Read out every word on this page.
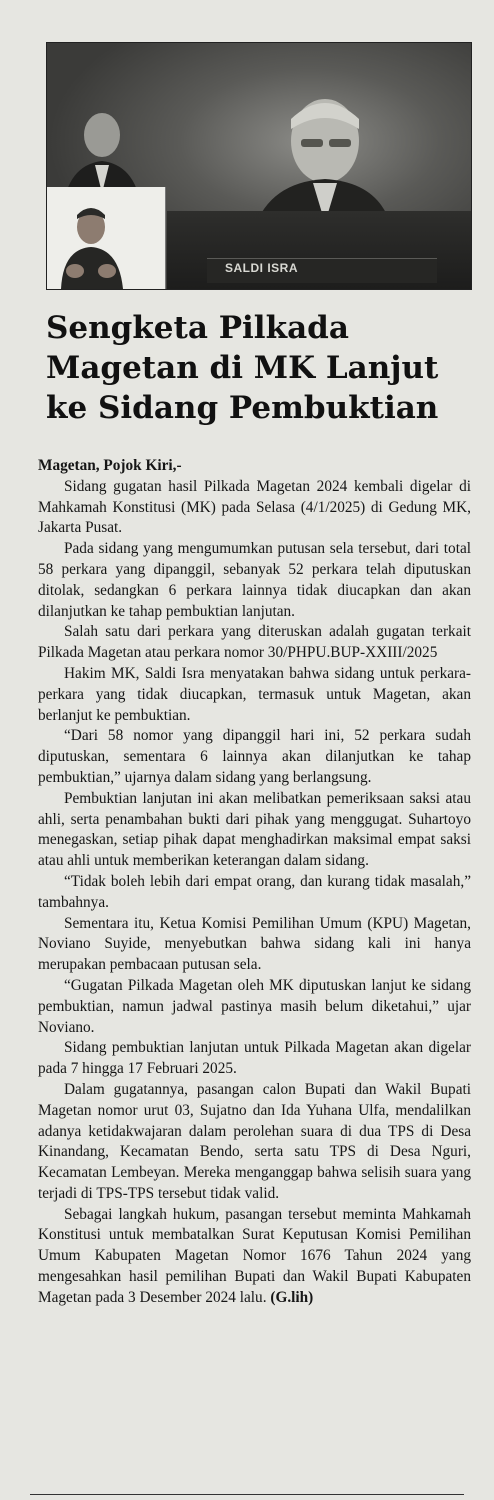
SALDI ISRA
Sengketa Pilkada
Magetan di MK Lanjut
ke Sidang Pembuktian

Magetan, Pojok Kiri,-

Sidang gugatan hasil Pilkada Magetan 2024 kembali digelar di Mahkamah Konstitusi (MK) pada Selasa (4/1/2025) di Gedung MK, Jakarta Pusat.

Pada sidang yang mengumumkan putusan sela tersebut, dari total 58 perkara yang dipanggil, sebanyak 52 perkara telah diputuskan ditolak, sedangkan 6 perkara lainnya tidak diucapkan dan akan dilanjutkan ke tahap pembuktian lanjutan.

Salah satu dari perkara yang diteruskan adalah gugatan terkait Pilkada Magetan atau perkara nomor 30/PHPU.BUP-XXIII/2025

Hakim MK, Saldi Isra menyatakan bahwa sidang untuk perkara-perkara yang tidak diucapkan, termasuk untuk Magetan, akan berlanjut ke pembuktian.

“Dari 58 nomor yang dipanggil hari ini, 52 perkara sudah diputuskan, sementara 6 lainnya akan dilanjutkan ke tahap pembuktian,” ujarnya dalam sidang yang berlangsung.

Pembuktian lanjutan ini akan melibatkan pemeriksaan saksi atau ahli, serta penambahan bukti dari pihak yang menggugat. Suhartoyo menegaskan, setiap pihak dapat menghadirkan maksimal empat saksi atau ahli untuk memberikan keterangan dalam sidang.

“Tidak boleh lebih dari empat orang, dan kurang tidak masalah,” tambahnya.

Sementara itu, Ketua Komisi Pemilihan Umum (KPU) Magetan, Noviano Suyide, menyebutkan bahwa sidang kali ini hanya merupakan pembacaan putusan sela.

“Gugatan Pilkada Magetan oleh MK diputuskan lanjut ke sidang pembuktian, namun jadwal pastinya masih belum diketahui,” ujar Noviano.

Sidang pembuktian lanjutan untuk Pilkada Magetan akan digelar pada 7 hingga 17 Februari 2025.

Dalam gugatannya, pasangan calon Bupati dan Wakil Bupati Magetan nomor urut 03, Sujatno dan Ida Yuhana Ulfa, mendalilkan adanya ketidakwajaran dalam perolehan suara di dua TPS di Desa Kinandang, Kecamatan Bendo, serta satu TPS di Desa Nguri, Kecamatan Lembeyan. Mereka menganggap bahwa selisih suara yang terjadi di TPS-TPS tersebut tidak valid.

Sebagai langkah hukum, pasangan tersebut meminta Mahkamah Konstitusi untuk membatalkan Surat Keputusan Komisi Pemilihan Umum Kabupaten Magetan Nomor 1676 Tahun 2024 yang mengesahkan hasil pemilihan Bupati dan Wakil Bupati Kabupaten Magetan pada 3 Desember 2024 lalu. (G.lih)
